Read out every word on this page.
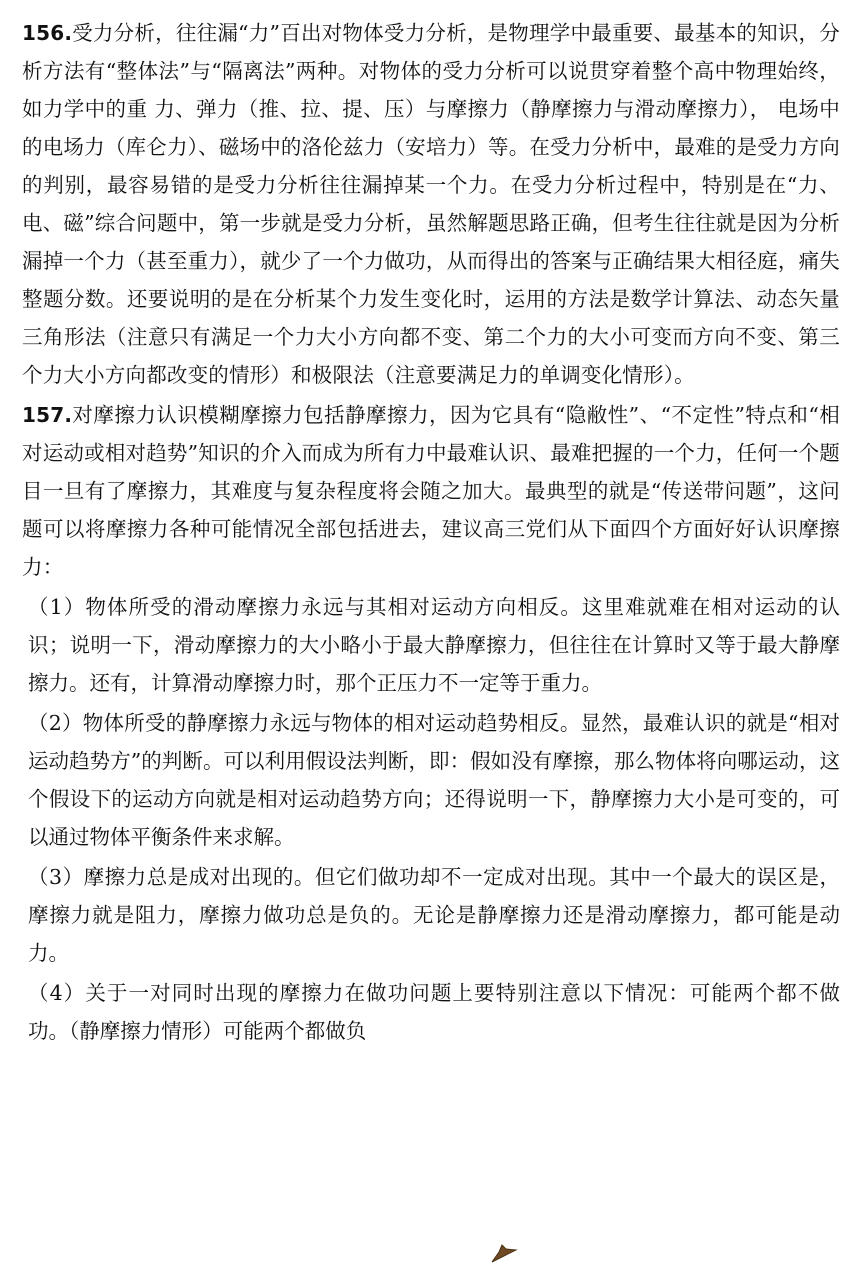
156.受力分析，往往漏“力”百出对物体受力分析，是物理学中最重要、最基本的知识，分析方法有“整体法”与“隔离法”两种。对物体的受力分析可以说贯穿着整个高中物理始终，如力学中的重 力、弹力（推、拉、提、压）与摩擦力（静摩擦力与滑动摩擦力）， 电场中的电场力（库仑力）、磁场中的洛伦兹力（安培力）等。在受力分析中，最难的是受力方向的判别，最容易错的是受力分析往往漏掉某一个力。在受力分析过程中，特别是在“力、电、磁”综合问题中，第一步就是受力分析，虽然解题思路正确，但考生往往就是因为分析漏掉一个力（甚至重力），就少了一个力做功，从而得出的答案与正确结果大相径庭，痛失整题分数。还要说明的是在分析某个力发生变化时，运用的方法是数学计算法、动态矢量三角形法（注意只有满足一个力大小方向都不变、第二个力的大小可变而方向不变、第三个力大小方向都改变的情形）和极限法（注意要满足力的单调变化情形）。

157.对摩擦力认识模糊摩擦力包括静摩擦力，因为它具有“隐敝性”、“不定性”特点和“相对运动或相对趋势”知识的介入而成为所有力中最难认识、最难把握的一个力，任何一个题目一旦有了摩擦力，其难度与复杂程度将会随之加大。最典型的就是“传送带问题”，这问题可以将摩擦力各种可能情况全部包括进去，建议高三党们从下面四个方面好好认识摩擦力：

（1）物体所受的滑动摩擦力永远与其相对运动方向相反。这里难就难在相对运动的认识；说明一下，滑动摩擦力的大小略小于最大静摩擦力，但往往在计算时又等于最大静摩擦力。还有，计算滑动摩擦力时，那个正压力不一定等于重力。

（2）物体所受的静摩擦力永远与物体的相对运动趋势相反。显然，最难认识的就是“相对运动趋势方”的判断。可以利用假设法判断，即：假如没有摩擦，那么物体将向哪运动，这个假设下的运动方向就是相对运动趋势方向；还得说明一下，静摩擦力大小是可变的，可以通过物体平衡条件来求解。

（3）摩擦力总是成对出现的。但它们做功却不一定成对出现。其中一个最大的误区是，摩擦力就是阻力，摩擦力做功总是负的。无论是静摩擦力还是滑动摩擦力，都可能是动力。

（4）关于一对同时出现的摩擦力在做功问题上要特别注意以下情况：可能两个都不做功。（静摩擦力情形）可能两个都做负
